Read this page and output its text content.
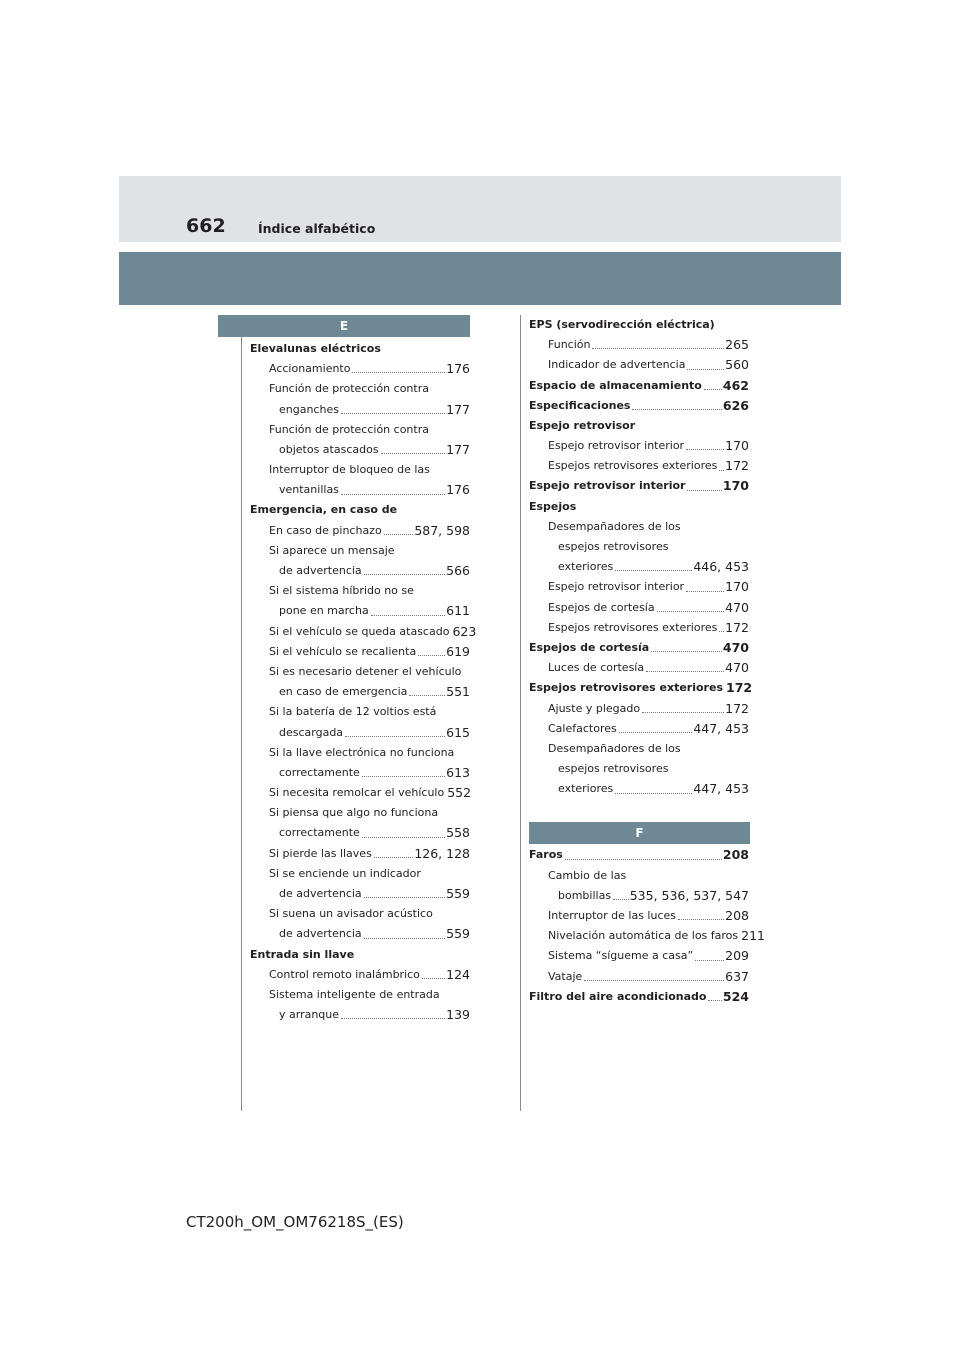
662	Índice alfabético
E
Elevalunas eléctricos
Accionamiento	176
Función de protección contra
enganches	177
Función de protección contra
objetos atascados	177
Interruptor de bloqueo de las
ventanillas	176
Emergencia, en caso de
En caso de pinchazo	587, 598
Si aparece un mensaje
de advertencia	566
Si el sistema híbrido no se
pone en marcha	611
Si el vehículo se queda atascado 623
Si el vehículo se recalienta 619
Si es necesario detener el vehículo
en caso de emergencia	551
Si la batería de 12 voltios está
descargada	615
Si la llave electrónica no funciona
correctamente	613
Si necesita remolcar el vehículo 552
Si piensa que algo no funciona
correctamente	558
Si pierde las llaves	126, 128
Si se enciende un indicador
de advertencia	559
Si suena un avisador acústico
de advertencia	559
Entrada sin llave
Control remoto inalámbrico 124
Sistema inteligente de entrada
y arranque	139
EPS (servodirección eléctrica)
Función	265
Indicador de advertencia	560
Espacio de almacenamiento 462
Especificaciones	626
Espejo retrovisor
Espejo retrovisor interior	170
Espejos retrovisores exteriores 172
Espejo retrovisor interior	170
Espejos
Desempañadores de los
espejos retrovisores
exteriores	446, 453
Espejo retrovisor interior	170
Espejos de cortesía	470
Espejos retrovisores exteriores 172
Espejos de cortesía	470
Luces de cortesía	470
Espejos retrovisores exteriores 172
Ajuste y plegado	172
Calefactores	447, 453
Desempañadores de los
espejos retrovisores
exteriores	447, 453
F
Faros	208
Cambio de las
bombillas 535, 536, 537, 547
Interruptor de las luces	208
Nivelación automática de los faros 211
Sistema “sígueme a casa”	209
Vataje	637
Filtro del aire acondicionado 524
CT200h_OM_OM76218S_(ES)
